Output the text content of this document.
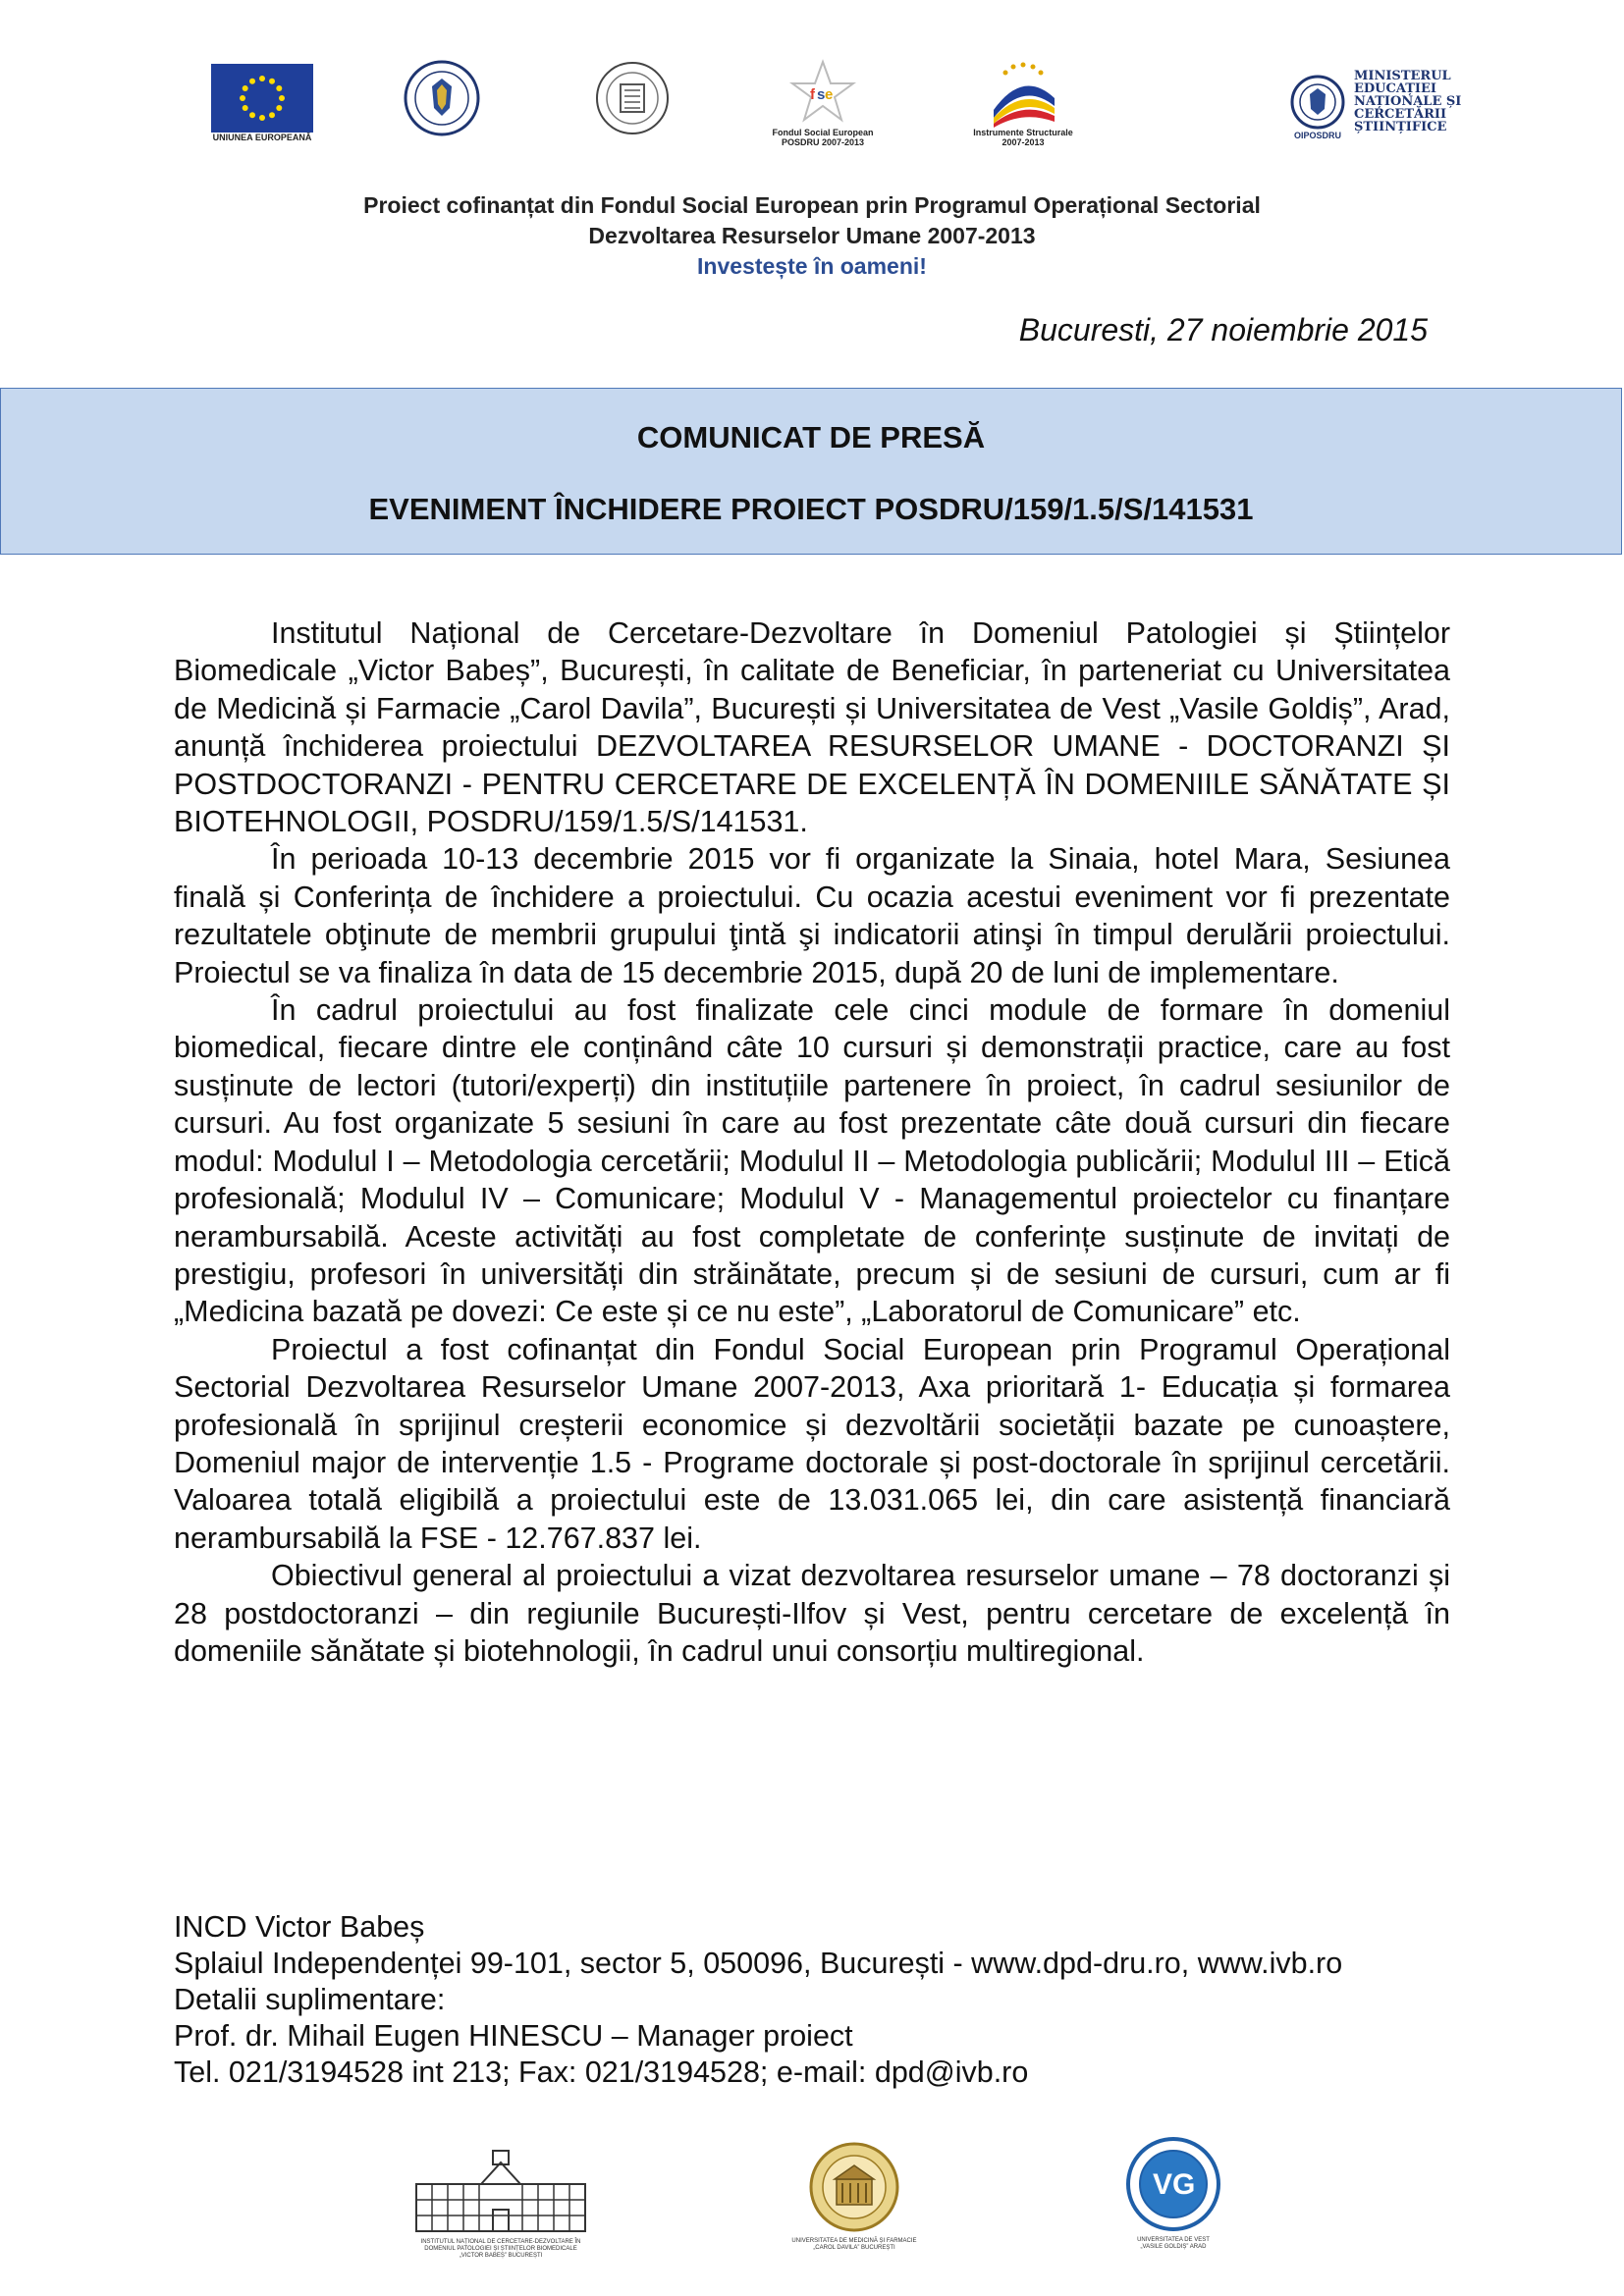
UNIUNEA EUROPEANĂ
f s e
Fondul Social European
POSDRU 2007-2013
Instrumente Structurale
2007-2013
OIPOSDRU
MINISTERUL
EDUCAȚIEI
NAȚIONALE ȘI
CERCETĂRII
ȘTIINȚIFICE
Proiect cofinanțat din Fondul Social European prin Programul Operațional Sectorial
Dezvoltarea Resurselor Umane 2007-2013
Investește în oameni!
Bucuresti, 27 noiembrie 2015
COMUNICAT DE PRESĂ
EVENIMENT ÎNCHIDERE PROIECT POSDRU/159/1.5/S/141531

Institutul Național de Cercetare-Dezvoltare în Domeniul Patologiei și Științelor Biomedicale „Victor Babeș”, București, în calitate de Beneficiar, în parteneriat cu Universitatea de Medicină și Farmacie „Carol Davila”, București și Universitatea de Vest „Vasile Goldiș”, Arad, anunță închiderea proiectului DEZVOLTAREA RESURSELOR UMANE - DOCTORANZI ȘI POSTDOCTORANZI - PENTRU CERCETARE DE EXCELENȚĂ ÎN DOMENIILE SĂNĂTATE ȘI BIOTEHNOLOGII, POSDRU/159/1.5/S/141531.

În perioada 10-13 decembrie 2015 vor fi organizate la Sinaia, hotel Mara, Sesiunea finală și Conferința de închidere a proiectului. Cu ocazia acestui eveniment vor fi prezentate rezultatele obţinute de membrii grupului ţintă şi indicatorii atinşi în timpul derulării proiectului. Proiectul se va finaliza în data de 15 decembrie 2015, după 20 de luni de implementare.

În cadrul proiectului au fost finalizate cele cinci module de formare în domeniul biomedical, fiecare dintre ele conținând câte 10 cursuri și demonstrații practice, care au fost susținute de lectori (tutori/experți) din instituțiile partenere în proiect, în cadrul sesiunilor de cursuri. Au fost organizate 5 sesiuni în care au fost prezentate câte două cursuri din fiecare modul: Modulul I – Metodologia cercetării; Modulul II – Metodologia publicării; Modulul III – Etică profesională; Modulul IV – Comunicare; Modulul V - Managementul proiectelor cu finanțare nerambursabilă. Aceste activități au fost completate de conferințe susținute de invitați de prestigiu, profesori în universități din străinătate, precum și de sesiuni de cursuri, cum ar fi „Medicina bazată pe dovezi: Ce este și ce nu este”, „Laboratorul de Comunicare” etc.

Proiectul a fost cofinanțat din Fondul Social European prin Programul Operațional Sectorial Dezvoltarea Resurselor Umane 2007-2013, Axa prioritară 1- Educația și formarea profesională în sprijinul creșterii economice și dezvoltării societății bazate pe cunoaștere, Domeniul major de intervenție 1.5 - Programe doctorale și post-doctorale în sprijinul cercetării. Valoarea totală eligibilă a proiectului este de 13.031.065 lei, din care asistență financiară nerambursabilă la FSE - 12.767.837 lei.

Obiectivul general al proiectului a vizat dezvoltarea resurselor umane – 78 doctoranzi și 28 postdoctoranzi – din regiunile București-Ilfov și Vest, pentru cercetare de excelență în domeniile sănătate și biotehnologii, în cadrul unui consorțiu multiregional.

INCD Victor Babeș
Splaiul Independenței 99-101, sector 5, 050096, București - www.dpd-dru.ro, www.ivb.ro
Detalii suplimentare:
Prof. dr. Mihail Eugen HINESCU – Manager proiect
Tel. 021/3194528 int 213; Fax: 021/3194528; e-mail: dpd@ivb.ro
INSTITUTUL NAȚIONAL DE CERCETARE-DEZVOLTARE ÎN
DOMENIUL PATOLOGIEI ȘI ȘTIINȚELOR BIOMEDICALE
„VICTOR BABEȘ” BUCUREȘTI
UNIVERSITATEA DE MEDICINĂ ȘI FARMACIE
„CAROL DAVILA” BUCUREȘTI
VG
UNIVERSITATEA DE VEST
„VASILE GOLDIȘ” ARAD
